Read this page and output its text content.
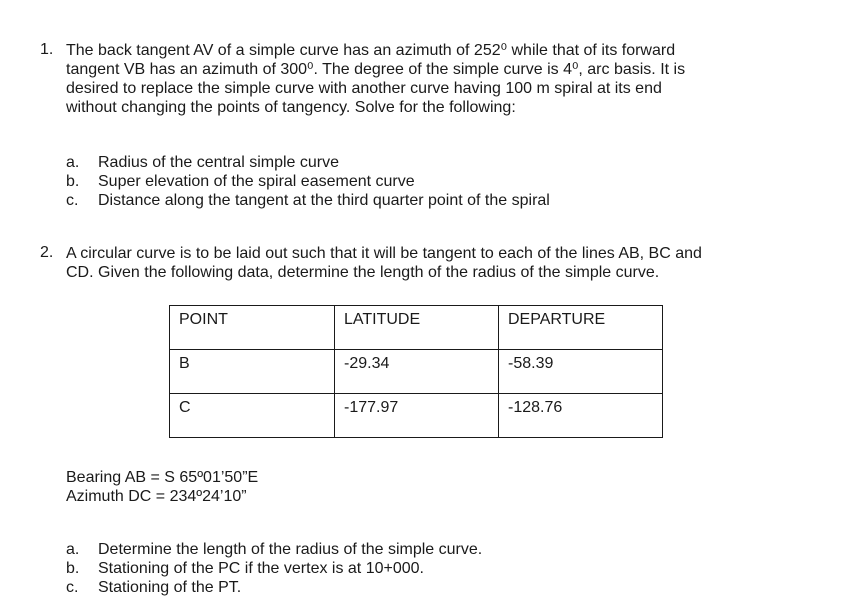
1. The back tangent AV of a simple curve has an azimuth of 252⁰ while that of its forward
tangent VB has an azimuth of 300⁰. The degree of the simple curve is 4⁰, arc basis. It is
desired to replace the simple curve with another curve having 100 m spiral at its end
without changing the points of tangency. Solve for the following:
a. Radius of the central simple curve
b. Super elevation of the spiral easement curve
c. Distance along the tangent at the third quarter point of the spiral
2. A circular curve is to be laid out such that it will be tangent to each of the lines AB, BC and
CD. Given the following data, determine the length of the radius of the simple curve.
POINT	LATITUDE	DEPARTURE
B	-29.34	-58.39
C	-177.97	-128.76
Bearing AB = S 65º01’50”E
Azimuth DC = 234º24’10”
a. Determine the length of the radius of the simple curve.
b. Stationing of the PC if the vertex is at 10+000.
c. Stationing of the PT.
